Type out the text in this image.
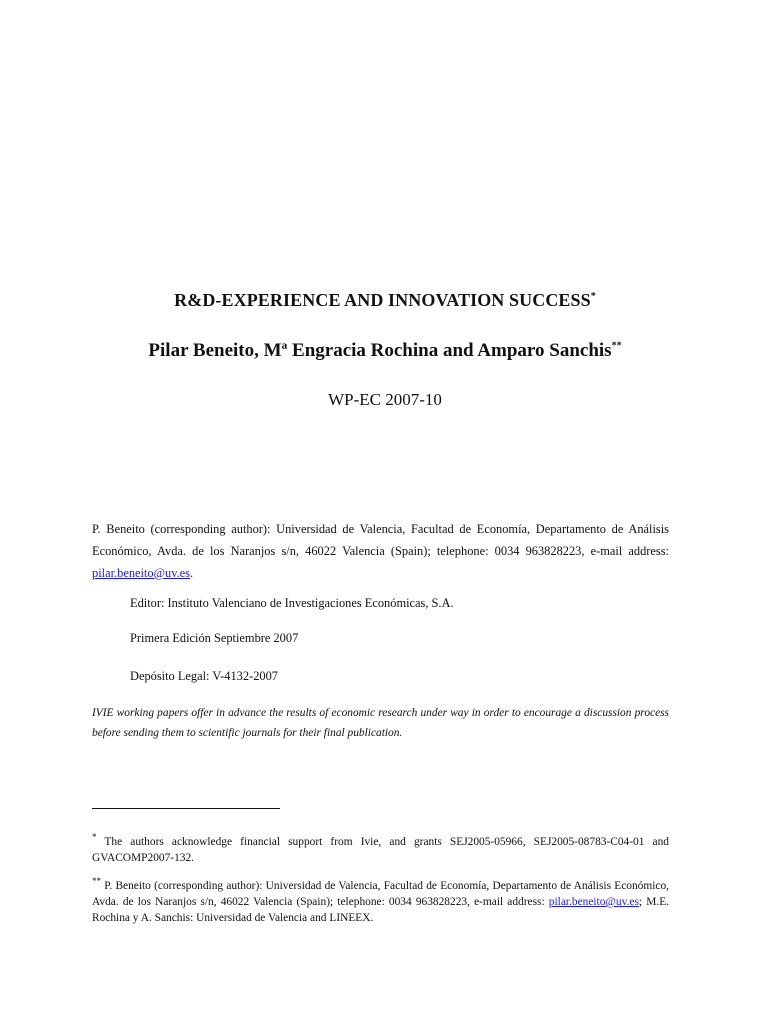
R&D-EXPERIENCE AND INNOVATION SUCCESS*
Pilar Beneito, Mª Engracia Rochina and Amparo Sanchis**
WP-EC 2007-10
P. Beneito (corresponding author): Universidad de Valencia, Facultad de Economía, Departamento de Análisis Económico, Avda. de los Naranjos s/n, 46022 Valencia (Spain); telephone: 0034 963828223, e-mail address: pilar.beneito@uv.es.
Editor: Instituto Valenciano de Investigaciones Económicas, S.A.
Primera Edición Septiembre 2007
Depósito Legal: V-4132-2007
IVIE working papers offer in advance the results of economic research under way in order to encourage a discussion process before sending them to scientific journals for their final publication.
* The authors acknowledge financial support from Ivie, and grants SEJ2005-05966, SEJ2005-08783-C04-01 and GVACOMP2007-132.
** P. Beneito (corresponding author): Universidad de Valencia, Facultad de Economía, Departamento de Análisis Económico, Avda. de los Naranjos s/n, 46022 Valencia (Spain); telephone: 0034 963828223, e-mail address: pilar.beneito@uv.es; M.E. Rochina y A. Sanchis: Universidad de Valencia and LINEEX.
